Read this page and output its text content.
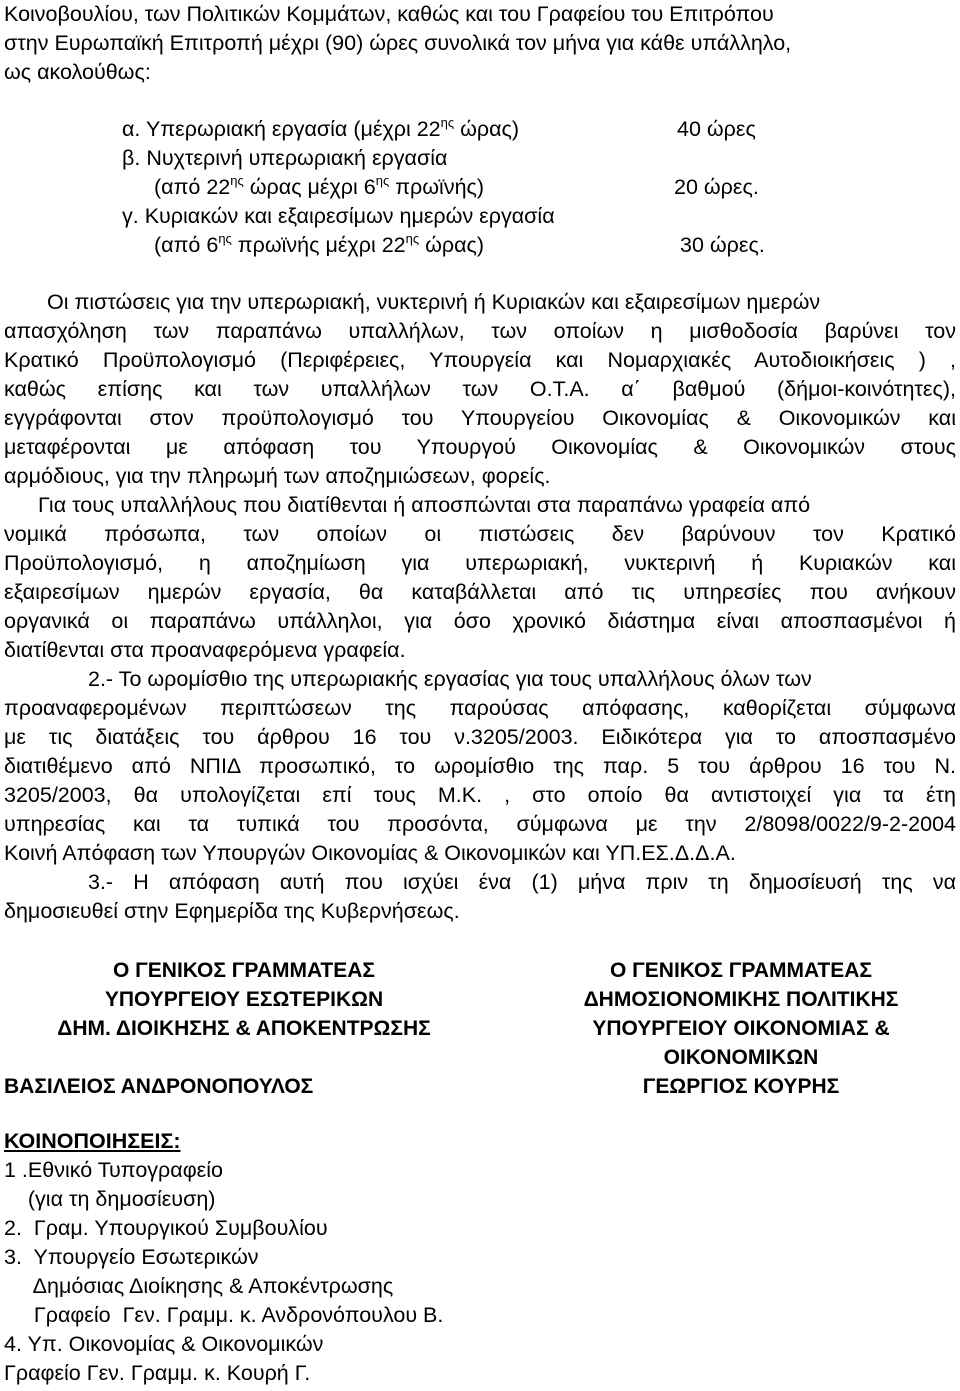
Κοινοβουλίου, των Πολιτικών Κομμάτων, καθώς και του Γραφείου του Επιτρόπου
στην Ευρωπαϊκή Επιτροπή μέχρι (90) ώρες συνολικά τον μήνα για κάθε υπάλληλο,
ως ακολούθως:
α. Υπερωριακή εργασία (μέχρι $22^{\eta\varsigma}$ ώρας)	40 ώρες
β. Νυχτερινή υπερωριακή εργασία
(από $22^{\eta\varsigma}$ ώρας μέχρι $6^{\eta\varsigma}$ πρωϊνής)	20 ώρες.
γ. Κυριακών και εξαιρεσίμων ημερών εργασία
(από $6^{\eta\varsigma}$ πρωϊνής μέχρι $22^{\eta\varsigma}$ ώρας)	30 ώρες.
Οι πιστώσεις για την υπερωριακή, νυκτερινή ή Κυριακών και εξαιρεσίμων ημερών
απασχόληση των παραπάνω υπαλλήλων, των οποίων η μισθοδοσία βαρύνει τον
Κρατικό Προϋπολογισμό (Περιφέρειες, Υπουργεία και Νομαρχιακές Αυτοδιοικήσεις ) ,
καθώς επίσης και των υπαλλήλων των Ο.Τ.Α. α΄ βαθμού (δήμοι-κοινότητες),
εγγράφονται στον προϋπολογισμό του Υπουργείου Οικονομίας & Οικονομικών και
μεταφέρονται με απόφαση του Υπουργού Οικονομίας & Οικονομικών στους
αρμόδιους, για την πληρωμή των αποζημιώσεων, φορείς.
Για τους υπαλλήλους που διατίθενται ή αποσπώνται στα παραπάνω γραφεία από
νομικά πρόσωπα, των οποίων οι πιστώσεις δεν βαρύνουν τον Κρατικό
Προϋπολογισμό, η αποζημίωση για υπερωριακή, νυκτερινή ή Κυριακών και
εξαιρεσίμων ημερών εργασία, θα καταβάλλεται από τις υπηρεσίες που ανήκουν
οργανικά οι παραπάνω υπάλληλοι, για όσο χρονικό διάστημα είναι αποσπασμένοι ή
διατίθενται στα προαναφερόμενα γραφεία.
2.- Το ωρομίσθιο της υπερωριακής εργασίας για τους υπαλλήλους όλων των
προαναφερομένων περιπτώσεων της παρούσας απόφασης, καθορίζεται σύμφωνα
με τις διατάξεις του άρθρου 16 του ν.3205/2003. Ειδικότερα για το αποσπασμένο
διατιθέμενο από ΝΠΙΔ προσωπικό, το ωρομίσθιο της παρ. 5 του άρθρου 16 του Ν.
3205/2003, θα υπολογίζεται επί τους Μ.Κ. , στο οποίο θα αντιστοιχεί για τα έτη
υπηρεσίας και τα τυπικά του προσόντα, σύμφωνα με την 2/8098/0022/9-2-2004
Κοινή Απόφαση των Υπουργών Οικονομίας & Οικονομικών και ΥΠ.ΕΣ.Δ.Δ.Α.
3.- Η απόφαση αυτή που ισχύει ένα (1) μήνα πριν τη δημοσίευσή της να
δημοσιευθεί στην Εφημερίδα της Κυβερνήσεως.
Ο ΓΕΝΙΚΟΣ ΓΡΑΜΜΑΤΕΑΣ
ΥΠΟΥΡΓΕΙΟΥ ΕΣΩΤΕΡΙΚΩΝ
ΔΗΜ. ΔΙΟΙΚΗΣΗΣ & ΑΠΟΚΕΝΤΡΩΣΗΣ
ΒΑΣΙΛΕΙΟΣ ΑΝΔΡΟΝΟΠΟΥΛΟΣ
Ο ΓΕΝΙΚΟΣ ΓΡΑΜΜΑΤΕΑΣ
ΔΗΜΟΣΙΟΝΟΜΙΚΗΣ ΠΟΛΙΤΙΚΗΣ
ΥΠΟΥΡΓΕΙΟΥ ΟΙΚΟΝΟΜΙΑΣ &
ΟΙΚΟΝΟΜΙΚΩΝ
ΓΕΩΡΓΙΟΣ ΚΟΥΡΗΣ
ΚΟΙΝΟΠΟΙΗΣΕΙΣ:
1 .Εθνικό Τυπογραφείο
(για τη δημοσίευση)
2.  Γραμ. Υπουργικού Συμβουλίου
3.  Υπουργείο Εσωτερικών
Δημόσιας Διοίκησης & Αποκέντρωσης
Γραφείο  Γεν. Γραμμ. κ. Ανδρονόπουλου Β.
4. Υπ. Οικονομίας & Οικονομικών
Γραφείο Γεν. Γραμμ. κ. Κουρή Γ.
